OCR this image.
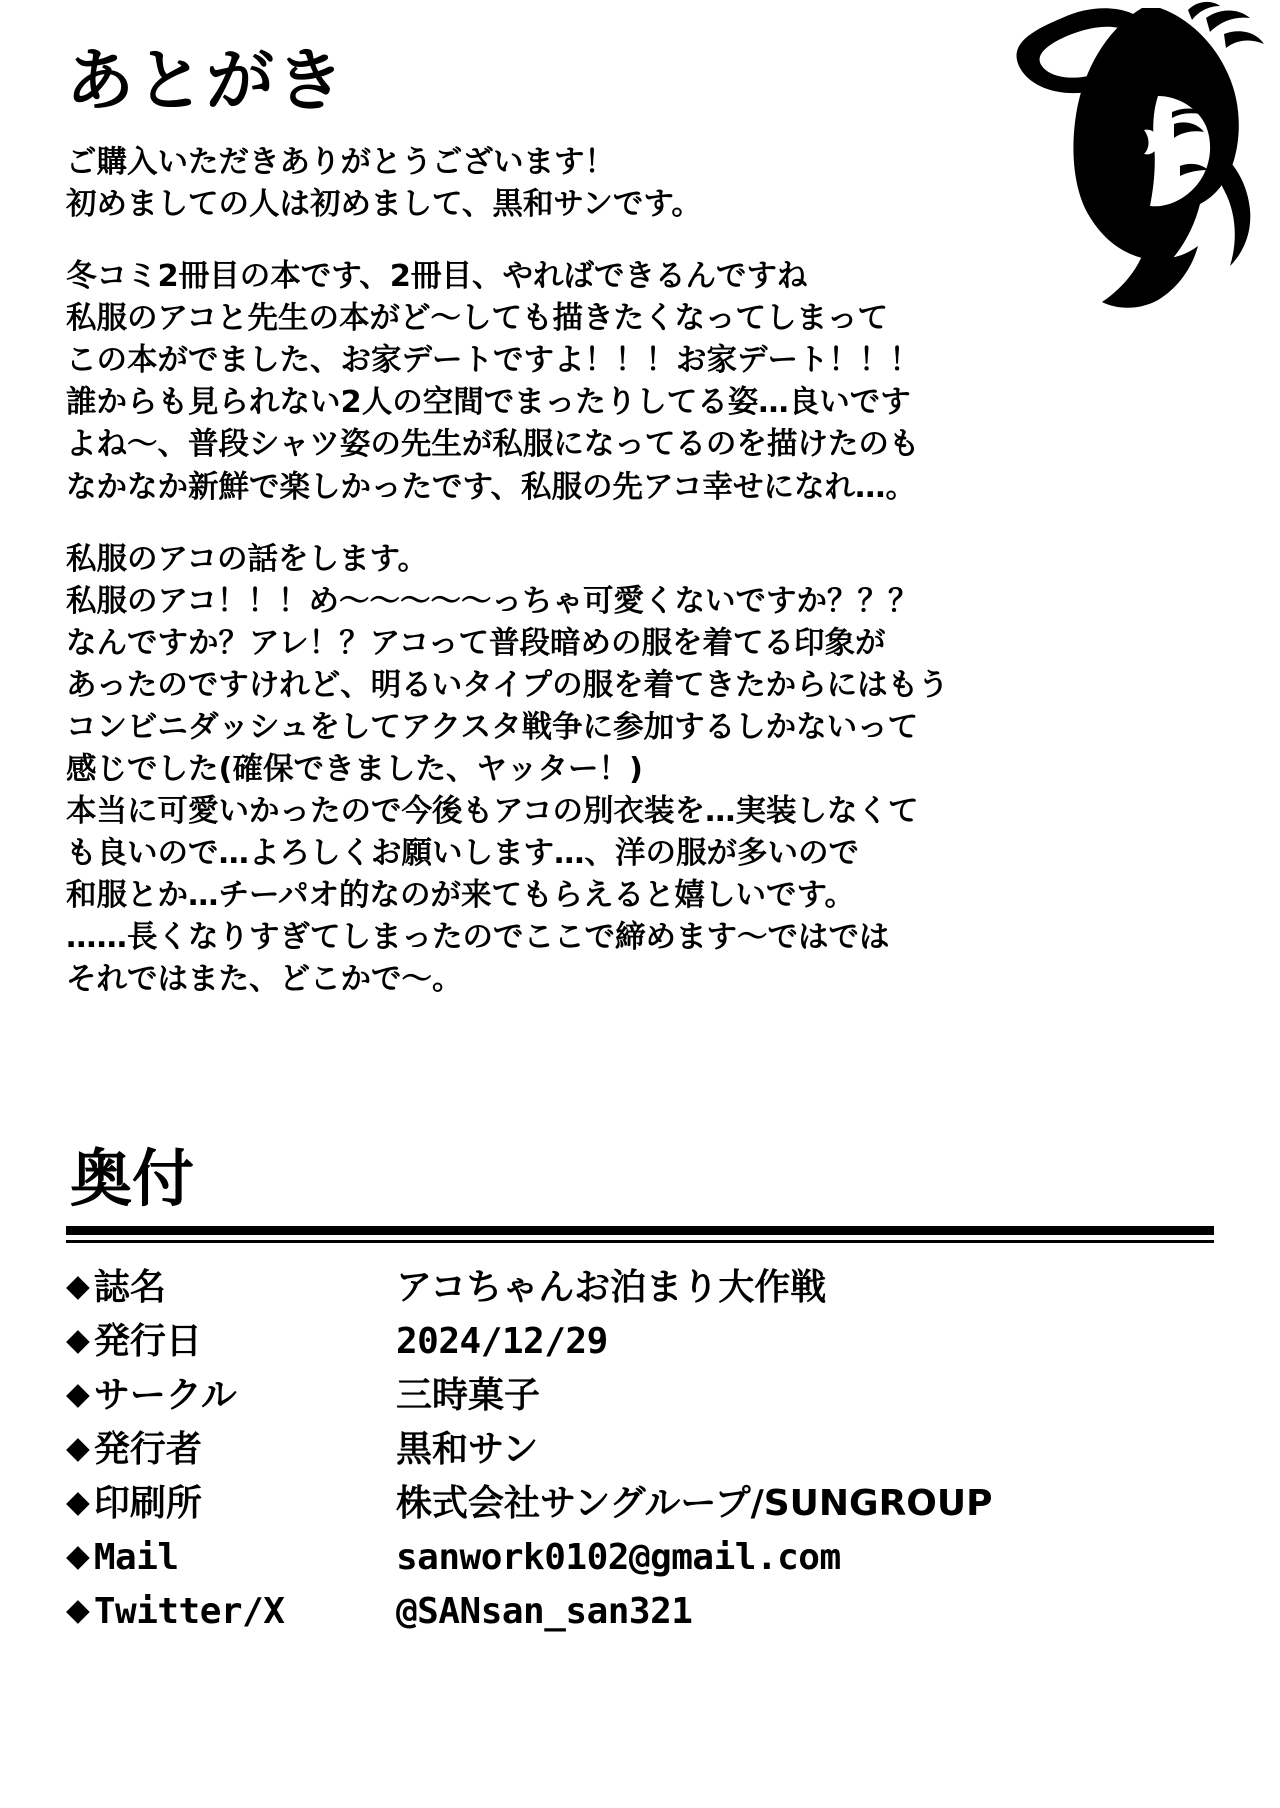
あとがき
ご購入いただきありがとうございます！
初めましての人は初めまして、黒和サンです。
冬コミ2冊目の本です、2冊目、やればできるんですね
私服のアコと先生の本がど〜しても描きたくなってしまって
この本がでました、お家デートですよ！！！お家デート！！！
誰からも見られない2人の空間でまったりしてる姿…良いです
よね〜、普段シャツ姿の先生が私服になってるのを描けたのも
なかなか新鮮で楽しかったです、私服の先アコ幸せになれ…。
私服のアコの話をします。
私服のアコ！！！め〜〜〜〜〜っちゃ可愛くないですか？？？
なんですか？アレ！？アコって普段暗めの服を着てる印象が
あったのですけれど、明るいタイプの服を着てきたからにはもう
コンビニダッシュをしてアクスタ戦争に参加するしかないって
感じでした(確保できました、ヤッター！)
本当に可愛いかったので今後もアコの別衣装を…実装しなくて
も良いので…よろしくお願いします…、洋の服が多いので
和服とか…チーパオ的なのが来てもらえると嬉しいです。
……長くなりすぎてしまったのでここで締めます〜ではでは
それではまた、どこかで〜。
奥付
◆ 誌名	アコちゃんお泊まり大作戦
◆ 発行日	2024/12/29
◆ サークル	三時菓子
◆ 発行者	黒和サン
◆ 印刷所	株式会社サングループ/SUNGROUP
◆ Mail	sanwork0102@gmail.com
◆ Twitter/X	@SANsan_san321
